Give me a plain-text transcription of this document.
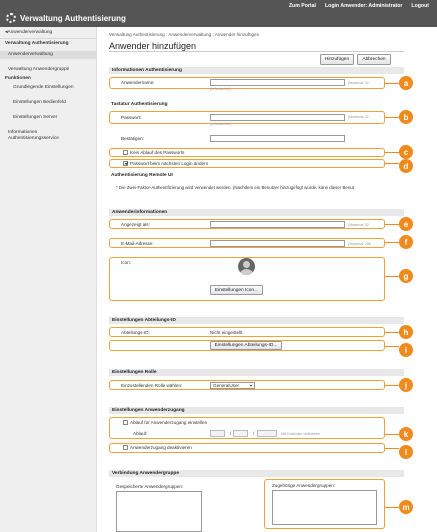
Zum Portal Login Anwender: Administrator Logout
Verwaltung Authentisierung
◂Anwenderverwaltung
Verwaltung Authentisierung
Anwenderverwaltung
Verwaltung Anwendergruppe
Funktionen
Grundlegende Einstellungen
Einstellungen Bedienfeld
Einstellungen Server
Informationen Authentisierungsservice
Verwaltung Authentisierung : Anwenderverwaltung : Anwender hinzufügen
Anwender hinzufügen
Hinzufügen	Abbrechen
Informationen Authentisierung
Anwendername:	(Maximal 32
(erforderlich)
Tastatur Authentisierung
Passwort:	(Maximal 32
(erforderlich)
Bestätigen:
Kein Ablauf des Passworts
Passwort beim nächsten Login ändern
Authentisierung Remote UI
* Die Zwei-Faktor-Authentifizierung wird verwendet werden. (Nachdem ein Benutzer hinzugefügt wurde, kann dieser Benut
Anwenderinformationen
Angezeigt als:	(Maximal 32
E-Mail-Adresse:	(Maximal 256
Icon:
Einstellungen Icon...
Einstellungen Abteilungs-ID
Abteilungs-ID:	Nicht eingestellt.
Einstellungen Abteilungs-ID...
Einstellungen Rolle
Einzustellenden Rolle wählen:	GeneralUser	▾
Einstellungen Anwenderzugang
Ablauf für Anwenderzugang einstellen
Ablauf:	/	/	Mit Kalender definieren
Anwenderzugang deaktivieren
Verbindung Anwendergruppe
Gespeicherte Anwendergruppen:	Zugehörige Anwendergruppen:
a
b
c
d
e
f
g
h
i
j
k
l
m
